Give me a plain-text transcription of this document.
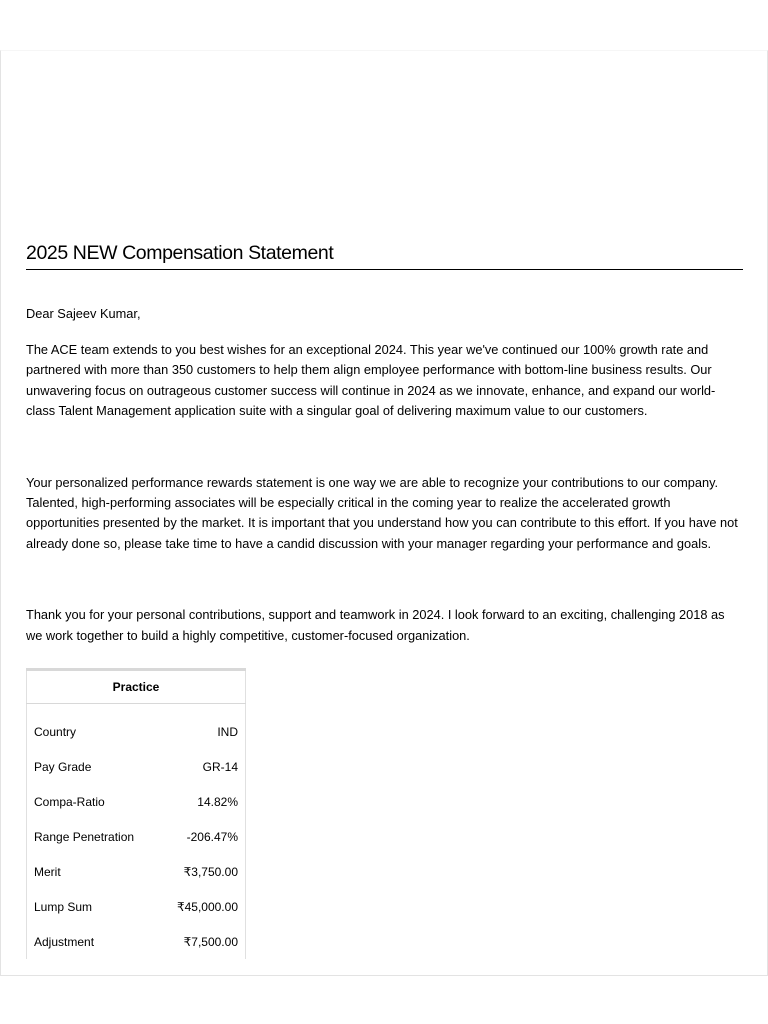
2025 NEW Compensation Statement

Dear Sajeev Kumar,

The ACE team extends to you best wishes for an exceptional 2024. This year we've continued our 100% growth rate and partnered with more than 350 customers to help them align employee performance with bottom-line business results. Our unwavering focus on outrageous customer success will continue in 2024 as we innovate, enhance, and expand our world-class Talent Management application suite with a singular goal of delivering maximum value to our customers.

Your personalized performance rewards statement is one way we are able to recognize your contributions to our company. Talented, high-performing associates will be especially critical in the coming year to realize the accelerated growth opportunities presented by the market. It is important that you understand how you can contribute to this effort. If you have not already done so, please take time to have a candid discussion with your manager regarding your performance and goals.

Thank you for your personal contributions, support and teamwork in 2024. I look forward to an exciting, challenging 2018 as we work together to build a highly competitive, customer-focused organization.

Practice	
Country	IND
Pay Grade	GR-14
Compa-Ratio	14.82%
Range Penetration	-206.47%
Merit	₹3,750.00
Lump Sum	₹45,000.00
Adjustment	₹7,500.00
